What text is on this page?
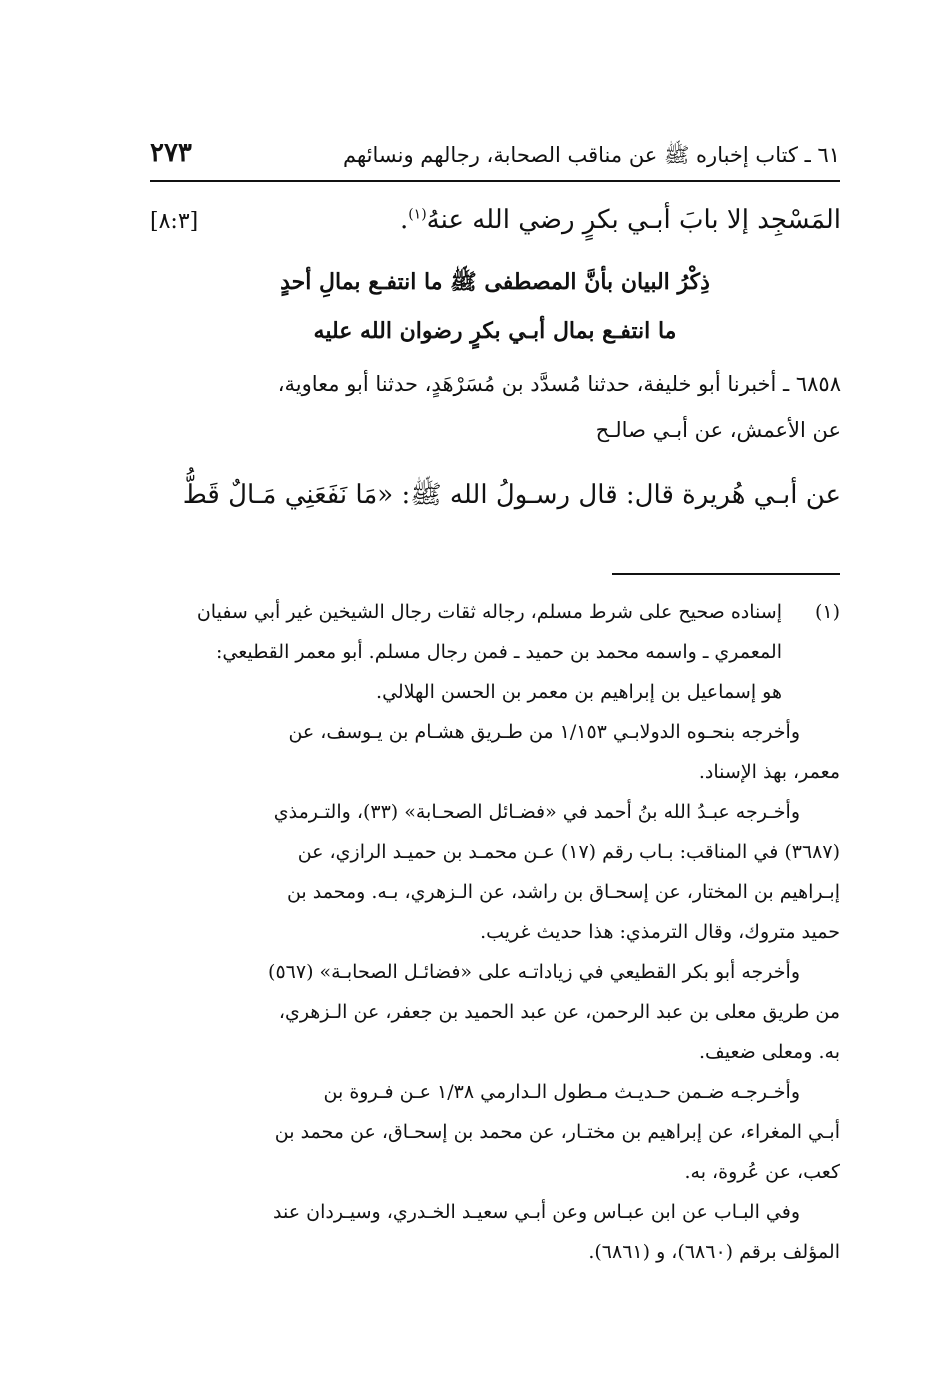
٦١ ـ كتاب إخباره ﷺ عن مناقب الصحابة، رجالهم ونسائهم
٢٧٣
المَسْجِد إلا بابَ أبـي بكرٍ رضي الله عنهُ$^{(١)}$.
[٨:٣]
ذِكْرُ البيان بأنَّ المصطفى ﷺ ما انتفـع بمالِ أحدٍ
ما انتفـع بمال أبـي بكرٍ رضوان الله عليه
٦٨٥٨ ـ أخبرنا أبو خليفة، حدثنا مُسدَّد بن مُسَرْهَدٍ، حدثنا أبو معاوية،
عن الأعمش، عن أبـي صالـح
عن أبـي هُريرة قال: قال رسـولُ الله ﷺ: «مَا نَفَعَنِي مَـالٌ قَطُّ
(١)
إسناده صحيح على شرط مسلم، رجاله ثقات رجال الشيخين غير أبي سفيان
المعمري ـ واسمه محمد بن حميد ـ فمن رجال مسلم. أبو معمر القطيعي:
هو إسماعيل بن إبراهيم بن معمر بن الحسن الهلالي.
وأخرجه بنحـوه الدولابـي ١/١٥٣ من طـريق هشـام بن يـوسف، عن
معمر، بهذ الإسناد.
وأخـرجه عبـدُ الله بنُ أحمد في «فضـائل الصحـابة» (٣٣)، والتـرمذي
(٣٦٨٧) في المناقب: بـاب رقم (١٧) عـن محمـد بن حميـد الرازي، عن
إبـراهيم بن المختار، عن إسحـاق بن راشد، عن الـزهري، بـه. ومحمد بن
حميد متروك، وقال الترمذي: هذا حديث غريب.
وأخرجه أبو بكر القطيعي في زياداتـه على «فضائـل الصحابـة» (٥٦٧)
من طريق معلى بن عبد الرحمن، عن عبد الحميد بن جعفر، عن الـزهري،
به. ومعلى ضعيف.
وأخـرجـه ضـمن حـديـث مـطول الـدارمي ١/٣٨ عـن فـروة بن
أبـي المغراء، عن إبراهيم بن مختـار، عن محمد بن إسحـاق، عن محمد بن
كعب، عن عُروة، به.
وفي البـاب عن ابن عبـاس وعن أبـي سعيـد الخـدري، وسيـردان عند
المؤلف برقم (٦٨٦٠)، و (٦٨٦١).
